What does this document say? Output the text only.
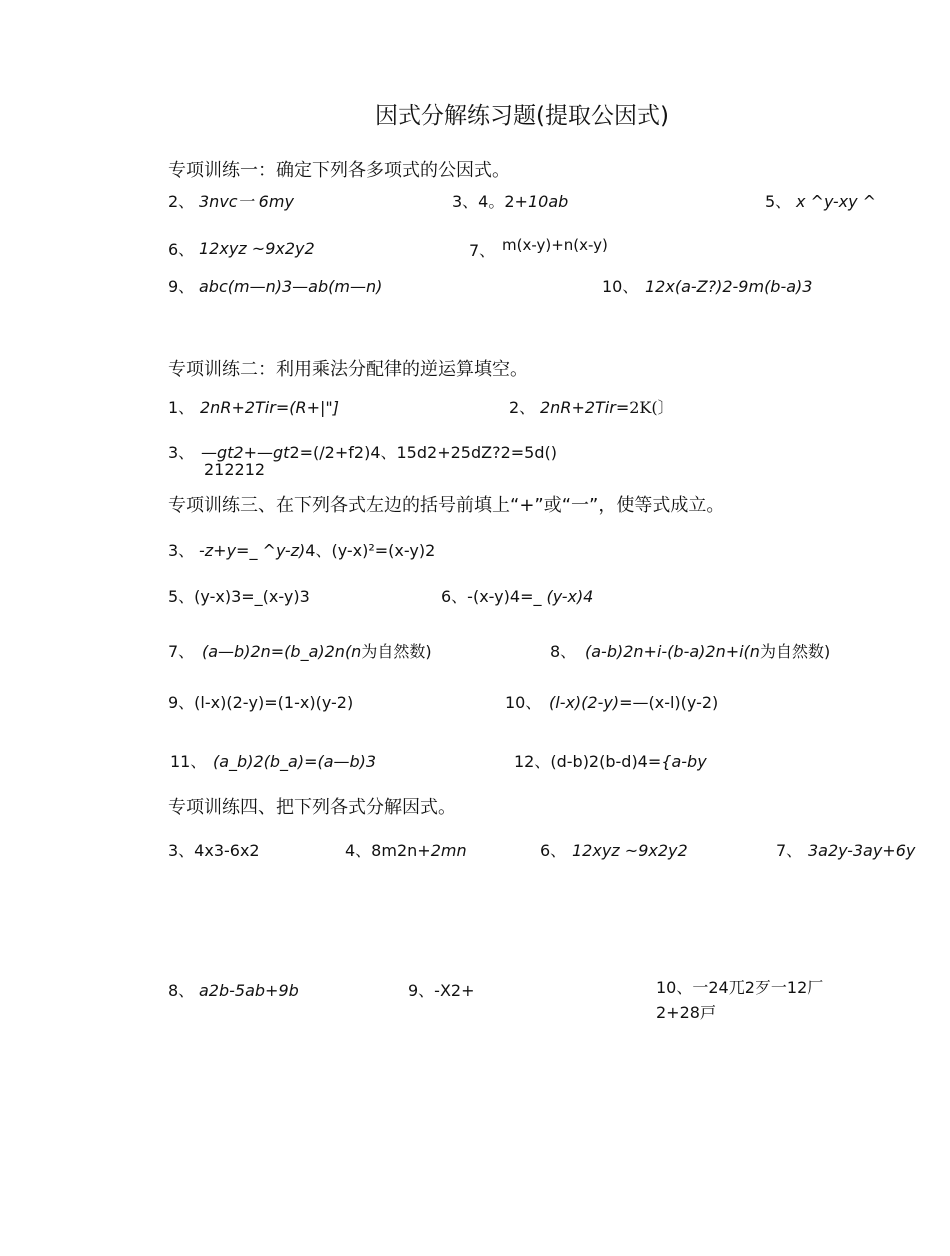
因式分解练习题(提取公因式)
专项训练一：确定下列各多项式的公因式。
2、 3nvc一 6my	3、4。2+10ab	5、 x ^y-xy ^
6、 12xyz ~9x2y2	7、 m(x-y)+n(x-y)
9、 abc(m—n)3—ab(m—n)	10、 12x(a-Z?)2-9m(b-a)3
专项训练二：利用乘法分配律的逆运算填空。
1、 2nR+2Tir=(R+|"]	2、 2nR+2Tir=2K(〕
3、 —gt2+—gt2=(/2+f2)4、15d2+25dZ?2=5d()
212212
专项训练三、在下列各式左边的括号前填上“+”或“一”，使等式成立。
3、 -z+y=_ ^y-z)4、(y-x)²=(x-y)2
5、(y-x)3=_(x-y)3	6、-(x-y)4=_ (y-x)4
7、 (a—b)2n=(b_a)2n(n为自然数)	8、 (a-b)2n+i-(b-a)2n+i(n为自然数)
9、(l-x)(2-y)=(1-x)(y-2)	10、 (l-x)(2-y)=—(x-l)(y-2)
11、 (a_b)2(b_a)=(a—b)3	12、(d-b)2(b-d)4={a-by
专项训练四、把下列各式分解因式。
3、4x3-6x2	4、8m2n+2mn	6、 12xyz ~9x2y2	7、 3a2y-3ay+6y
8、 a2b-5ab+9b	9、-X2+	10、一24兀2歹一12厂
2+28戸
